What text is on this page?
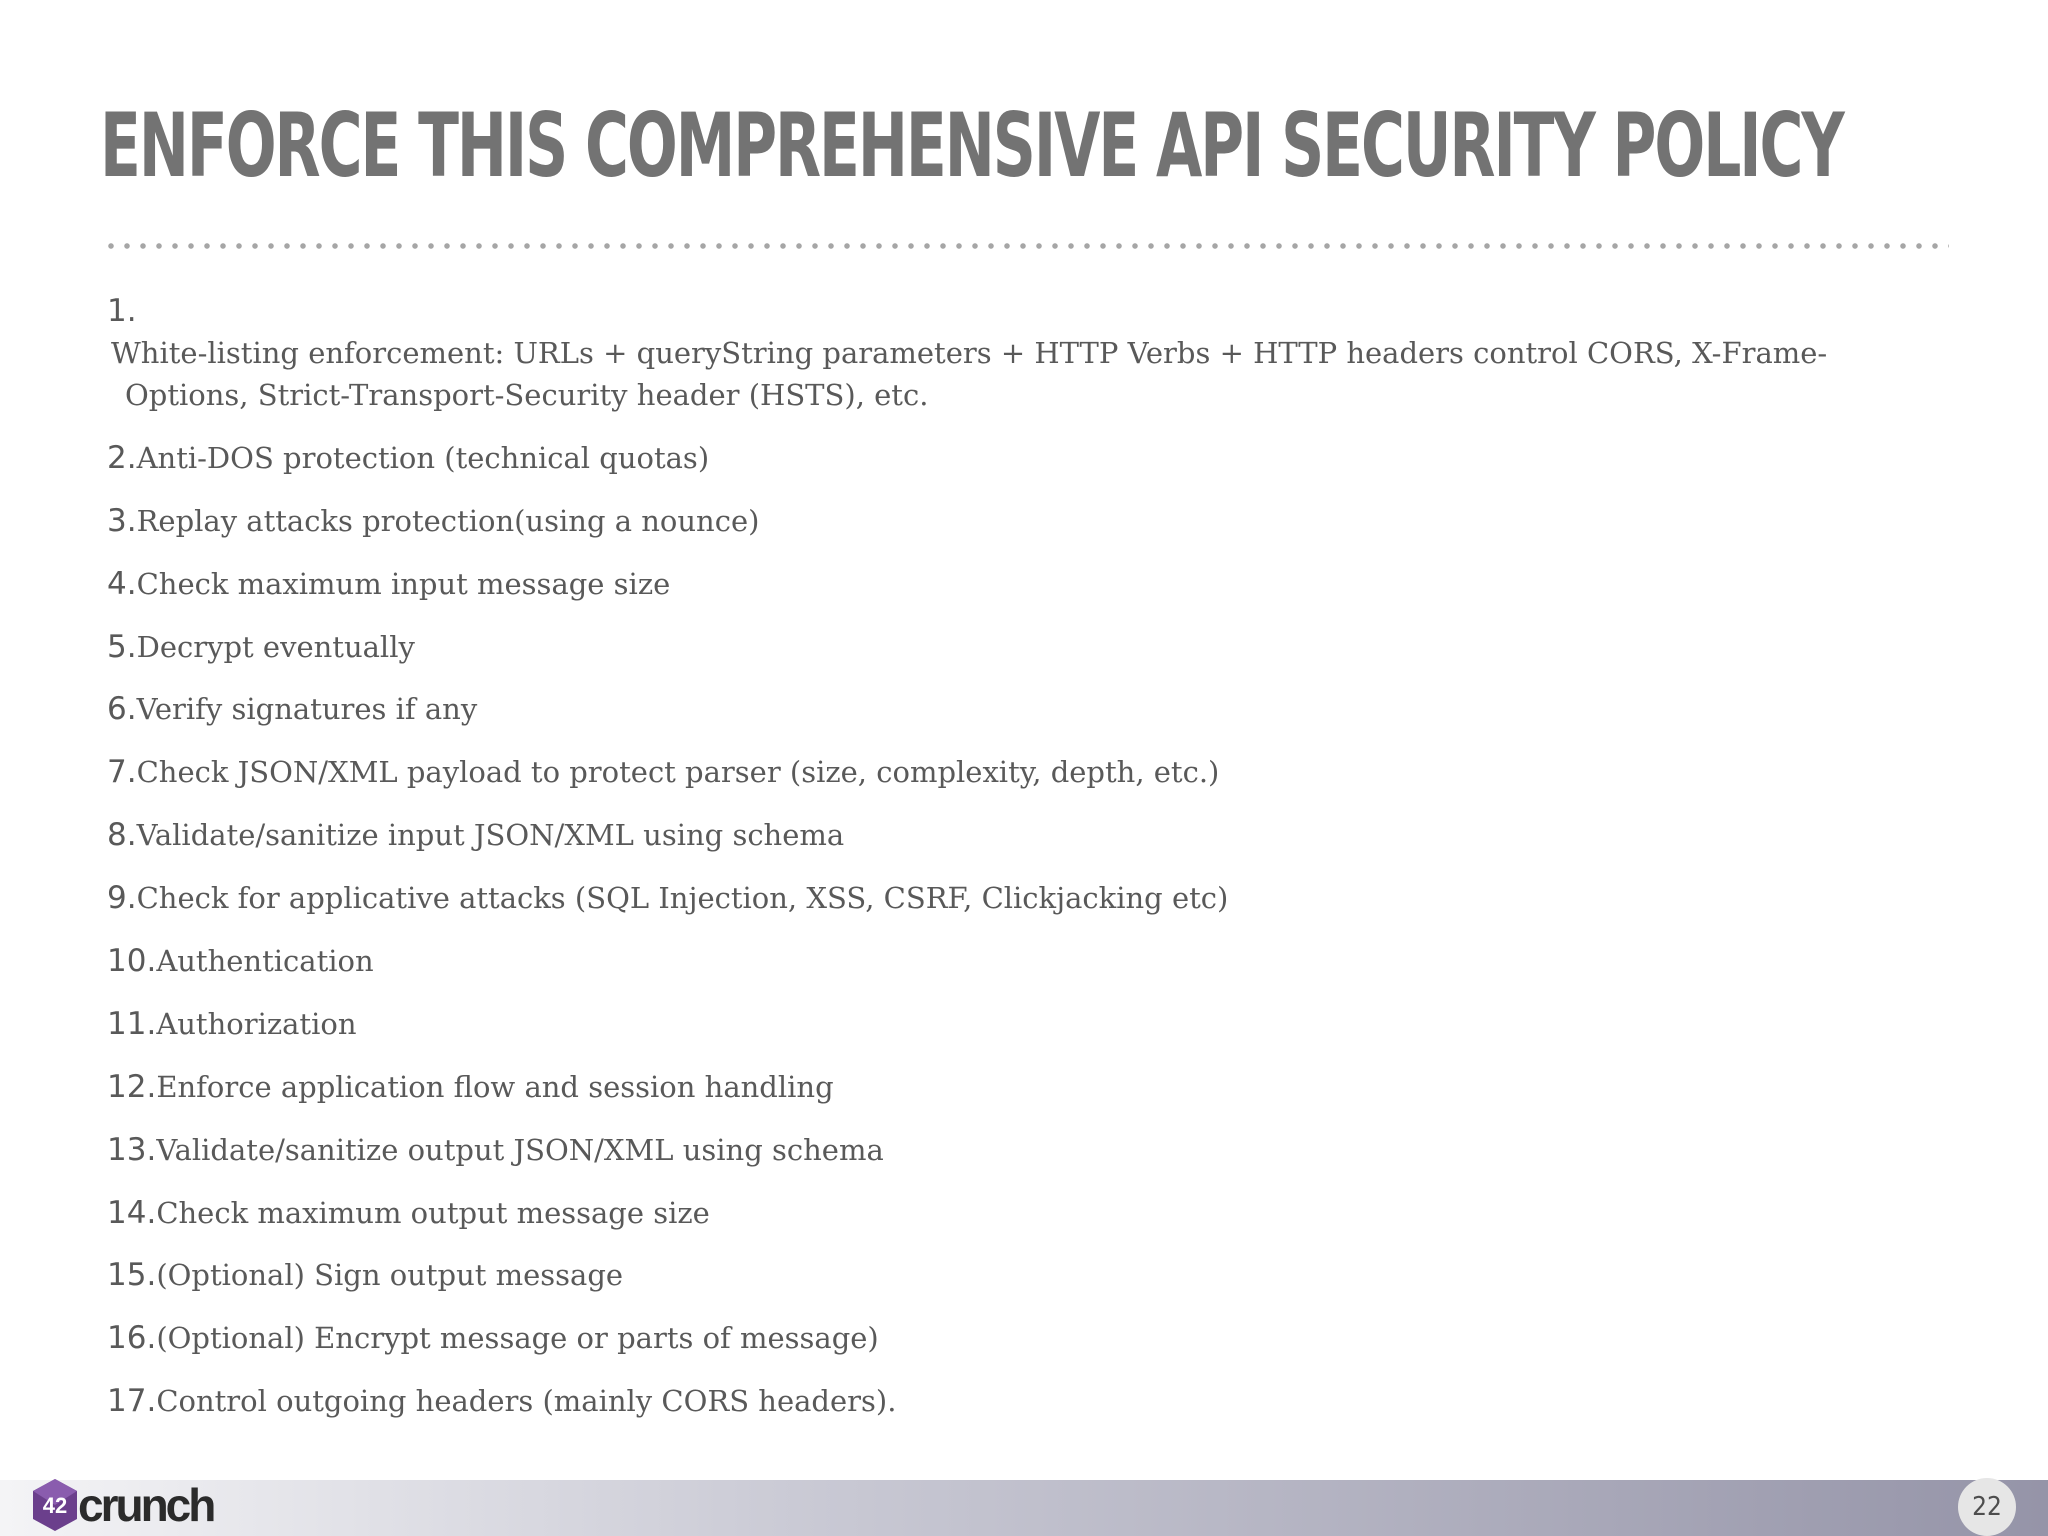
ENFORCE THIS COMPREHENSIVE API SECURITY POLICY
1.White-listing enforcement: URLs + queryString parameters + HTTP Verbs + HTTP headers control CORS, X-Frame-Options, Strict-Transport-Security header (HSTS), etc.
2.Anti-DOS protection (technical quotas)
3.Replay attacks protection(using a nounce)
4.Check maximum input message size
5.Decrypt eventually
6.Verify signatures if any
7.Check JSON/XML payload to protect parser (size, complexity, depth, etc.)
8.Validate/sanitize input JSON/XML using schema
9.Check for applicative attacks (SQL Injection, XSS, CSRF, Clickjacking etc)
10.Authentication
11.Authorization
12.Enforce application flow and session handling
13.Validate/sanitize output JSON/XML using schema
14.Check maximum output message size
15.(Optional) Sign output message
16.(Optional) Encrypt message or parts of message)
17.Control outgoing headers (mainly CORS headers).
42 crunch	22
